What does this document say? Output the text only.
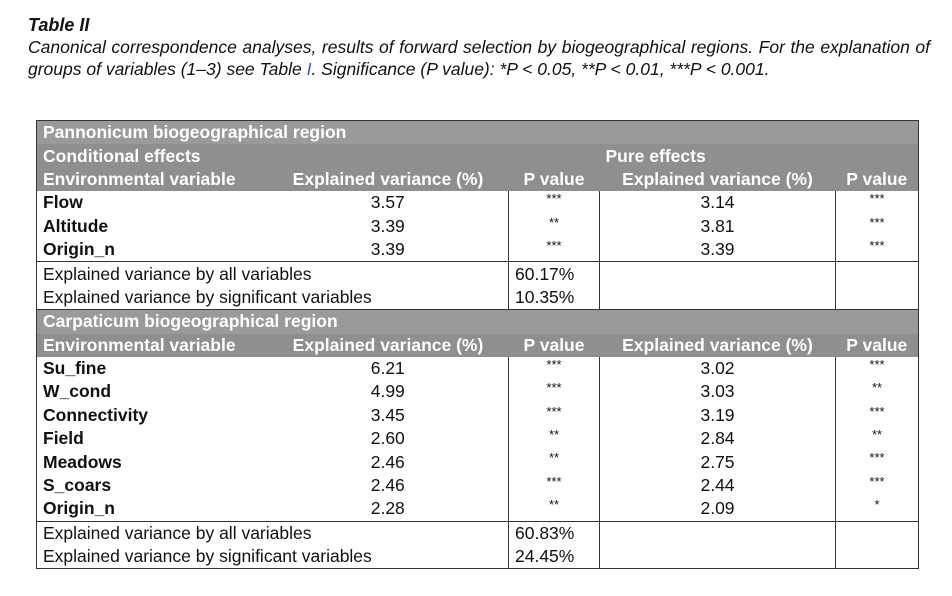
Table II
Canonical correspondence analyses, results of forward selection by biogeographical regions. For the explanation of groups of variables (1–3) see Table I. Significance (P value): *P < 0.05, **P < 0.01, ***P < 0.001.
Pannonicum biogeographical region				
Conditional effects			Pure effects	
Environmental variable	Explained variance (%)	P value	Explained variance (%)	P value
Flow	3.57	***	3.14	***
Altitude	3.39	**	3.81	***
Origin_n	3.39	***	3.39	***
Explained variance by all variables		60.17%		
Explained variance by significant variables		10.35%		
Carpaticum biogeographical region				
Environmental variable	Explained variance (%)	P value	Explained variance (%)	P value
Su_fine	6.21	***	3.02	***
W_cond	4.99	***	3.03	**
Connectivity	3.45	***	3.19	***
Field	2.60	**	2.84	**
Meadows	2.46	**	2.75	***
S_coars	2.46	***	2.44	***
Origin_n	2.28	**	2.09	*
Explained variance by all variables		60.83%		
Explained variance by significant variables		24.45%		
